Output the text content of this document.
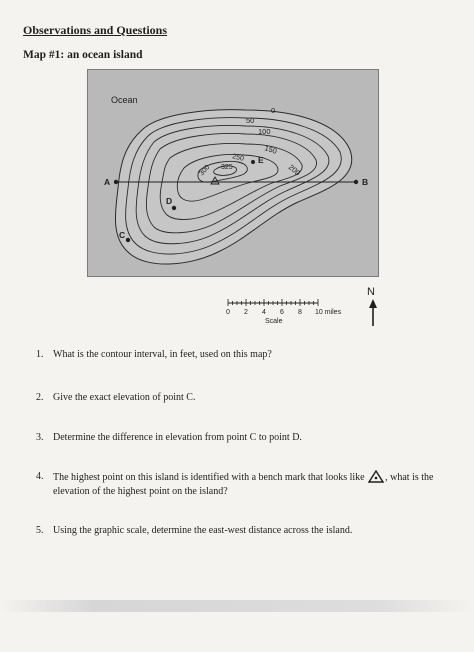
Observations and Questions
Map #1: an ocean island
Ocean
0
50
100
150
200
250
300 325
A	B
C
D
E
0 2 4 6 8 10 miles
Scale
N
1. What is the contour interval, in feet, used on this map?
2. Give the exact elevation of point C.
3. Determine the difference in elevation from point C to point D.
4. The highest point on this island is identified with a bench mark that looks like , what is the elevation of the highest point on the island?
5. Using the graphic scale, determine the east-west distance across the island.
